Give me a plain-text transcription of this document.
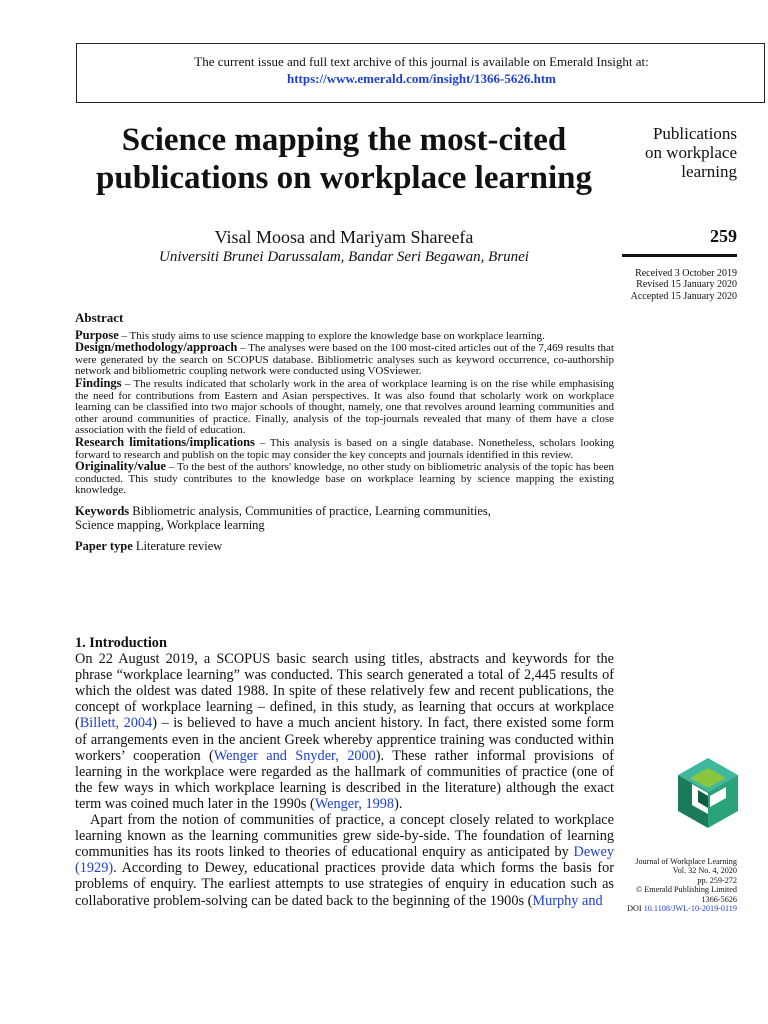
The current issue and full text archive of this journal is available on Emerald Insight at:
https://www.emerald.com/insight/1366-5626.htm
Science mapping the most-cited publications on workplace learning
Visal Moosa and Mariyam Shareefa
Universiti Brunei Darussalam, Bandar Seri Begawan, Brunei
Publications
on workplace
learning
259
Received 3 October 2019
Revised 15 January 2020
Accepted 15 January 2020
Abstract

Purpose – This study aims to use science mapping to explore the knowledge base on workplace learning.

Design/methodology/approach – The analyses were based on the 100 most-cited articles out of the 7,469 results that were generated by the search on SCOPUS database. Bibliometric analyses such as keyword occurrence, co-authorship network and bibliometric coupling network were conducted using VOSviewer.

Findings – The results indicated that scholarly work in the area of workplace learning is on the rise while emphasising the need for contributions from Eastern and Asian perspectives. It was also found that scholarly work on workplace learning can be classified into two major schools of thought, namely, one that revolves around learning communities and other around communities of practice. Finally, analysis of the top-journals revealed that many of them have a close association with the field of education.

Research limitations/implications – This analysis is based on a single database. Nonetheless, scholars looking forward to research and publish on the topic may consider the key concepts and journals identified in this review.

Originality/value – To the best of the authors' knowledge, no other study on bibliometric analysis of the topic has been conducted. This study contributes to the knowledge base on workplace learning by science mapping the existing knowledge.

Keywords Bibliometric analysis, Communities of practice, Learning communities,
Science mapping, Workplace learning
Paper type Literature review
1. Introduction

On 22 August 2019, a SCOPUS basic search using titles, abstracts and keywords for the phrase “workplace learning” was conducted. This search generated a total of 2,445 results of which the oldest was dated 1988. In spite of these relatively few and recent publications, the concept of workplace learning – defined, in this study, as learning that occurs at workplace (Billett, 2004) – is believed to have a much ancient history. In fact, there existed some form of arrangements even in the ancient Greek whereby apprentice training was conducted within workers’ cooperation (Wenger and Snyder, 2000). These rather informal provisions of learning in the workplace were regarded as the hallmark of communities of practice (one of the few ways in which workplace learning is described in the literature) although the exact term was coined much later in the 1990s (Wenger, 1998).

Apart from the notion of communities of practice, a concept closely related to workplace learning known as the learning communities grew side-by-side. The foundation of learning communities has its roots linked to theories of educational enquiry as anticipated by Dewey (1929). According to Dewey, educational practices provide data which forms the basis for problems of enquiry. The earliest attempts to use strategies of enquiry in education such as collaborative problem-solving can be dated back to the beginning of the 1900s (Murphy and

Journal of Workplace Learning
Vol. 32 No. 4, 2020
pp. 259-272
© Emerald Publishing Limited
1366-5626
DOI 10.1108/JWL-10-2019-0119
